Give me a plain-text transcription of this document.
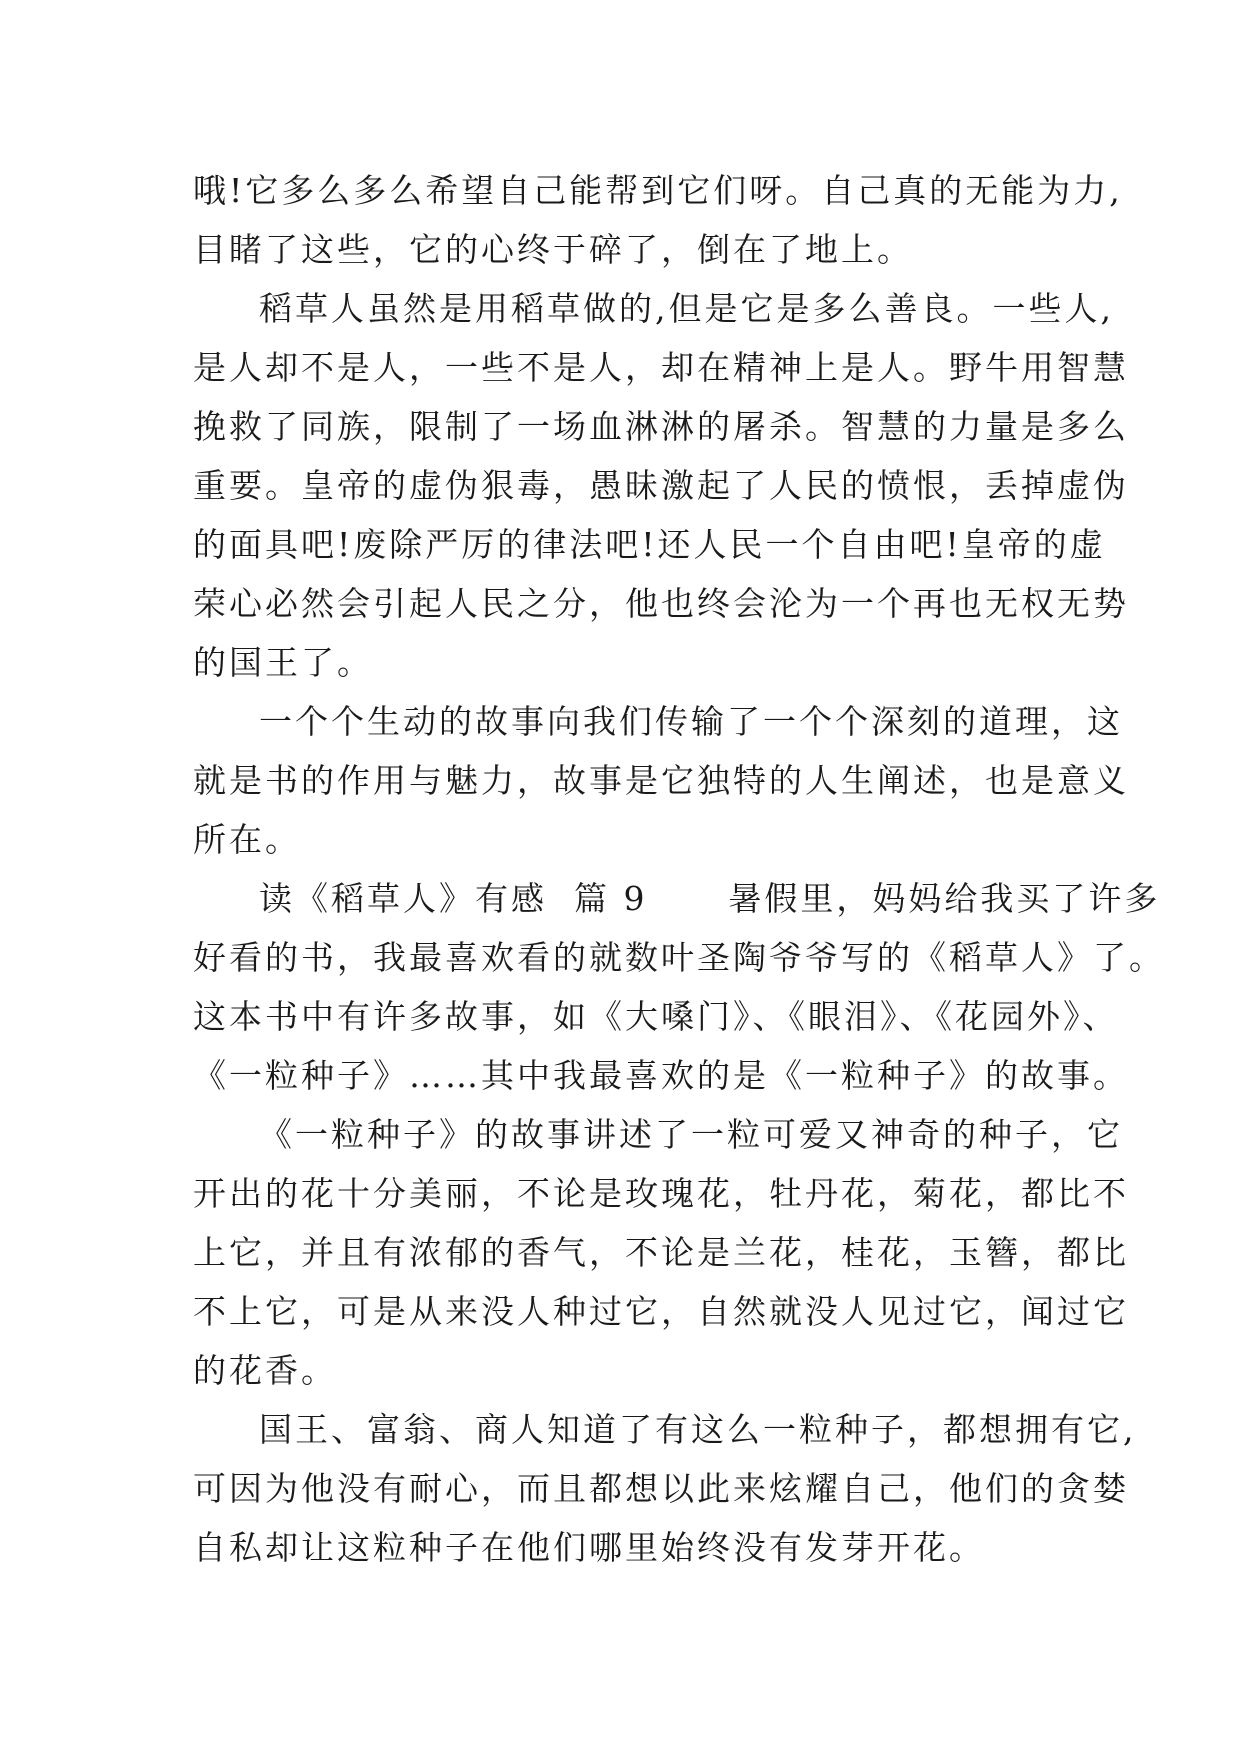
哦!它多么多么希望自己能帮到它们呀。自己真的无能为力,
目睹了这些，它的心终于碎了，倒在了地上。
稻草人虽然是用稻草做的,但是它是多么善良。一些人,
是人却不是人，一些不是人，却在精神上是人。野牛用智慧
挽救了同族，限制了一场血淋淋的屠杀。智慧的力量是多么
重要。皇帝的虚伪狠毒，愚昧激起了人民的愤恨，丢掉虚伪
的面具吧!废除严厉的律法吧!还人民一个自由吧!皇帝的虚
荣心必然会引起人民之分，他也终会沦为一个再也无权无势
的国王了。
一个个生动的故事向我们传输了一个个深刻的道理，这
就是书的作用与魅力，故事是它独特的人生阐述，也是意义
所在。
读《稻草人》有感  篇 9      暑假里，妈妈给我买了许多
好看的书，我最喜欢看的就数叶圣陶爷爷写的《稻草人》了。
这本书中有许多故事，如《大嗓门》、《眼泪》、《花园外》、
《一粒种子》……其中我最喜欢的是《一粒种子》的故事。
《一粒种子》的故事讲述了一粒可爱又神奇的种子，它
开出的花十分美丽，不论是玫瑰花，牡丹花，菊花，都比不
上它，并且有浓郁的香气，不论是兰花，桂花，玉簪，都比
不上它，可是从来没人种过它，自然就没人见过它，闻过它
的花香。
国王、富翁、商人知道了有这么一粒种子，都想拥有它,
可因为他没有耐心，而且都想以此来炫耀自己，他们的贪婪
自私却让这粒种子在他们哪里始终没有发芽开花。
